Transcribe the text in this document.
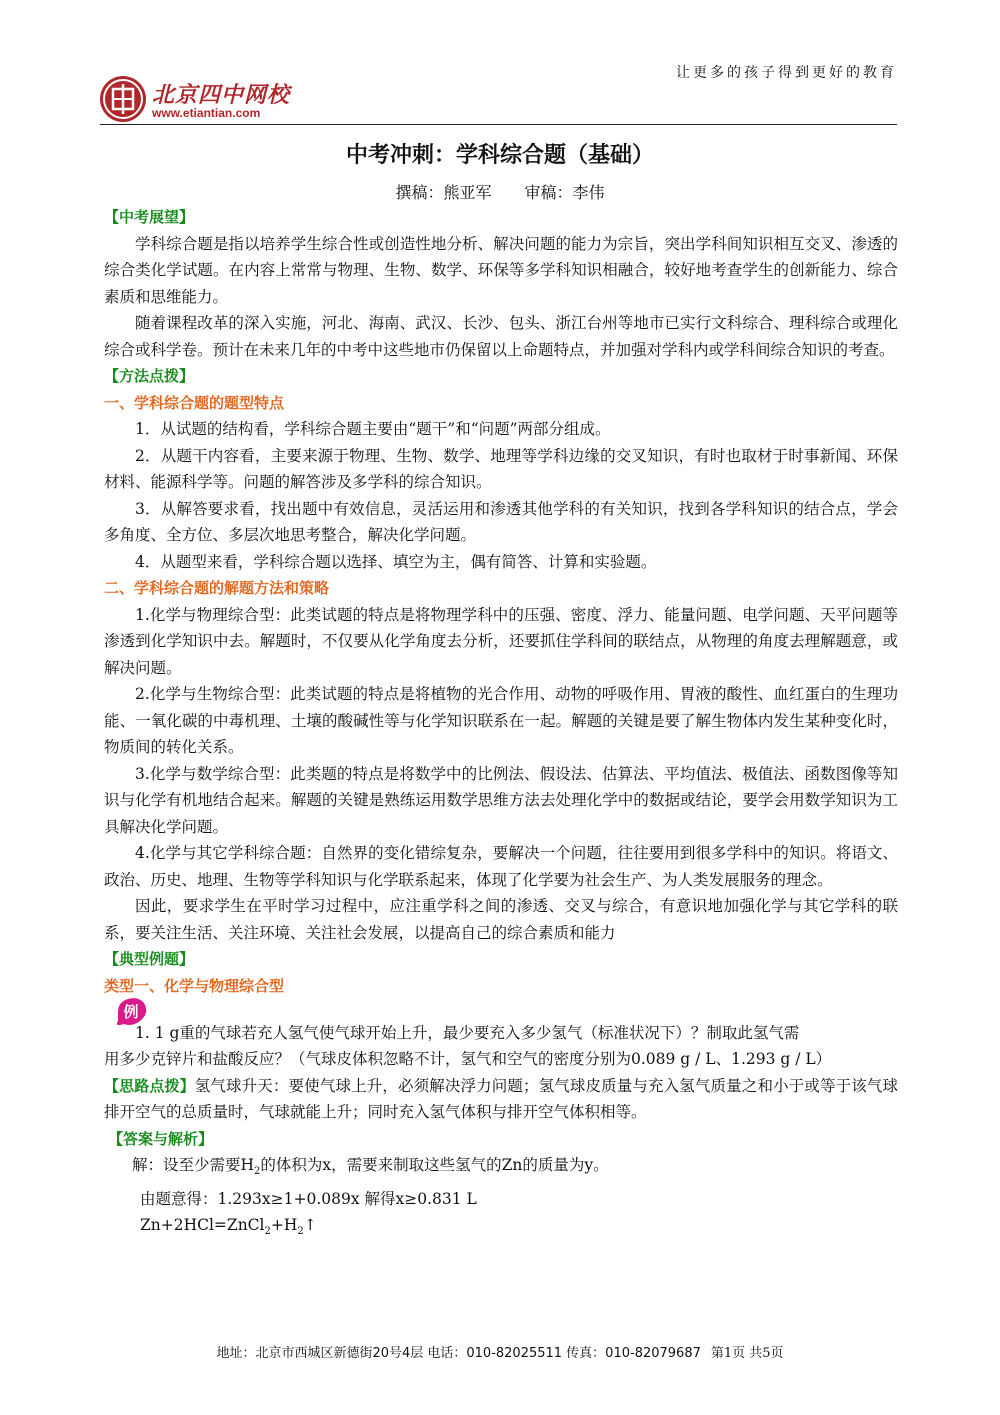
北京四中网校
www.etiantian.com
让更多的孩子得到更好的教育
中考冲刺：学科综合题（基础）
撰稿：熊亚军 审稿：李伟
【中考展望】

学科综合题是指以培养学生综合性或创造性地分析、解决问题的能力为宗旨，突出学科间知识相互交叉、渗透的综合类化学试题。在内容上常常与物理、生物、数学、环保等多学科知识相融合，较好地考查学生的创新能力、综合素质和思维能力。

随着课程改革的深入实施，河北、海南、武汉、长沙、包头、浙江台州等地市已实行文科综合、理科综合或理化综合或科学卷。预计在未来几年的中考中这些地市仍保留以上命题特点，并加强对学科内或学科间综合知识的考查。

【方法点拨】
一、学科综合题的题型特点

1．从试题的结构看，学科综合题主要由“题干”和“问题”两部分组成。

2．从题干内容看，主要来源于物理、生物、数学、地理等学科边缘的交叉知识，有时也取材于时事新闻、环保材料、能源科学等。问题的解答涉及多学科的综合知识。

3．从解答要求看，找出题中有效信息，灵活运用和渗透其他学科的有关知识，找到各学科知识的结合点，学会多角度、全方位、多层次地思考整合，解决化学问题。

4．从题型来看，学科综合题以选择、填空为主，偶有简答、计算和实验题。

二、学科综合题的解题方法和策略

1.化学与物理综合型：此类试题的特点是将物理学科中的压强、密度、浮力、能量问题、电学问题、天平问题等渗透到化学知识中去。解题时，不仅要从化学角度去分析，还要抓住学科间的联结点，从物理的角度去理解题意，或解决问题。

2.化学与生物综合型：此类试题的特点是将植物的光合作用、动物的呼吸作用、胃液的酸性、血红蛋白的生理功能、一氧化碳的中毒机理、土壤的酸碱性等与化学知识联系在一起。解题的关键是要了解生物体内发生某种变化时，物质间的转化关系。

3.化学与数学综合型：此类题的特点是将数学中的比例法、假设法、估算法、平均值法、极值法、函数图像等知识与化学有机地结合起来。解题的关键是熟练运用数学思维方法去处理化学中的数据或结论，要学会用数学知识为工具解决化学问题。

4.化学与其它学科综合题：自然界的变化错综复杂，要解决一个问题，往往要用到很多学科中的知识。将语文、政治、历史、地理、生物等学科知识与化学联系起来，体现了化学要为社会生产、为人类发展服务的理念。

因此，要求学生在平时学习过程中，应注重学科之间的渗透、交叉与综合，有意识地加强化学与其它学科的联系，要关注生活、关注环境、关注社会发展，以提高自己的综合素质和能力

【典型例题】
类型一、化学与物理综合型
例

1. 1 g重的气球若充人氢气使气球开始上升，最少要充入多少氢气（标准状况下）？制取此氢气需

用多少克锌片和盐酸反应？（气球皮体积忽略不计，氢气和空气的密度分别为0.089 g / L、1.293 g / L）

【思路点拨】氢气球升天：要使气球上升，必须解决浮力问题；氢气球皮质量与充入氢气质量之和小于或等于该气球排开空气的总质量时，气球就能上升；同时充入氢气体积与排开空气体积相等。

【答案与解析】

解：设至少需要$H_2$的体积为x，需要来制取这些氢气的Zn的质量为y。

由题意得：1.293x≥1+0.089x 解得x≥0.831 L

$Zn+2HCl=ZnCl_2+H_2↑$

地址：北京市西城区新德街20号4层 电话：010-82025511 传真：010-82079687 第1页 共5页
